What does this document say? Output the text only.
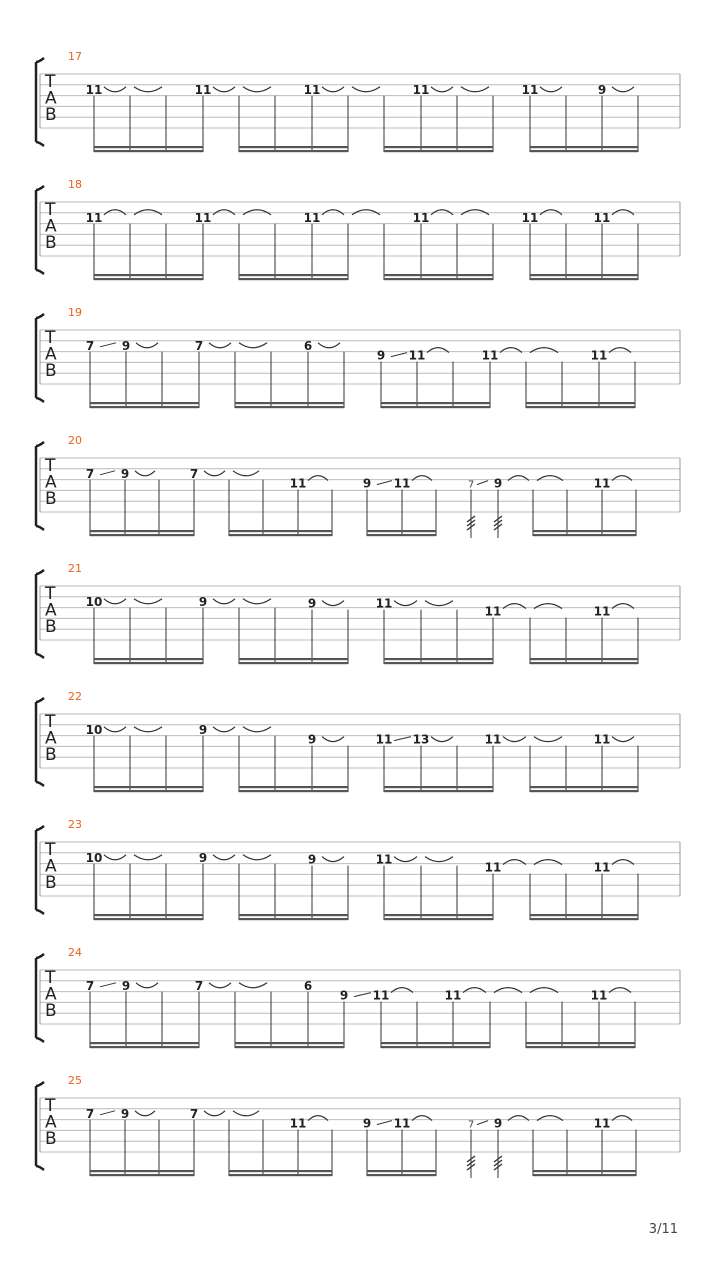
17
T
A
B
11	11	11	11	11	9
18
T
A
B
11	11	11	11	11	11
19
T
A
B
7 9	7	6
9 11	11	11
20
T
A
B
7 9	7
11	9 11	7 9	11
21
T
A
B
10	9	9	11
11	11
22
T
A
B
10	9
9	11 13	11	11
23
T
A
B
10	9	9	11
11	11
24
T
A
B
7 9	7	6
9 11	11	11
25
T
A
B
7 9	7
11	9 11	7 9	11
3/11
